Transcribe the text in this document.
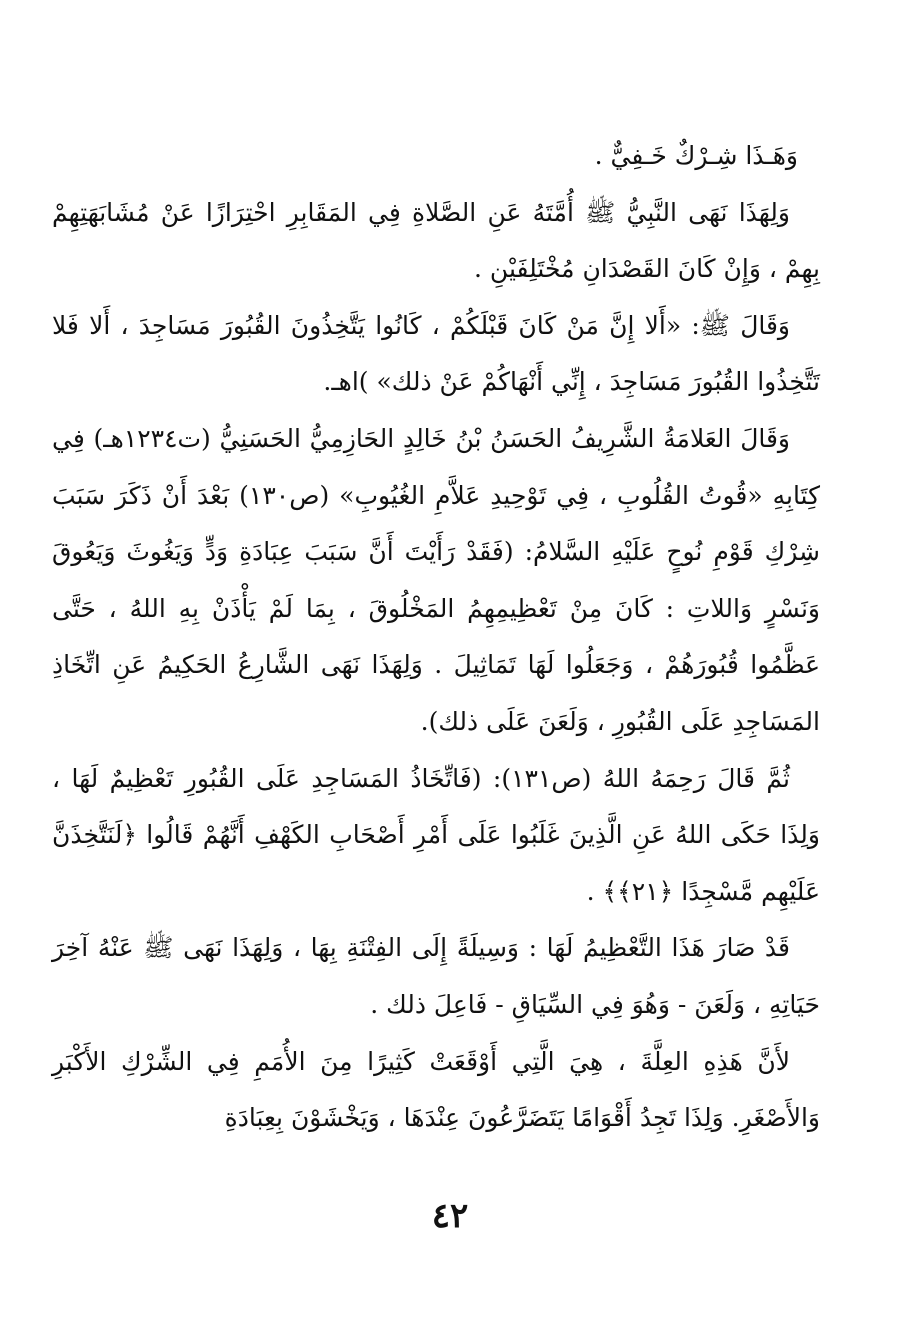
وَهَـذَا شِـرْكٌ خَـفِيٌّ .

وَلِهَذَا نَهَى النَّبِيُّ ﷺ أُمَّتَهُ عَنِ الصَّلاةِ فِي المَقَابِرِ احْتِرَازًا عَنْ مُشَابَهَتِهِمْ بِهِمْ ، وَإِنْ كَانَ القَصْدَانِ مُخْتَلِفَيْنِ .

وَقَالَ ﷺ: «أَلا إِنَّ مَنْ كَانَ قَبْلَكُمْ ، كَانُوا يَتَّخِذُونَ القُبُورَ مَسَاجِدَ ، أَلا فَلا تَتَّخِذُوا القُبُورَ مَسَاجِدَ ، إِنِّي أَنْهَاكُمْ عَنْ ذلك» )اهـ.

وَقَالَ العَلامَةُ الشَّرِيفُ الحَسَنُ بْنُ خَالِدٍ الحَازِمِيُّ الحَسَنِيُّ (ت١٢٣٤هـ) فِي كِتَابِهِ «قُوتُ القُلُوبِ ، فِي تَوْحِيدِ عَلاَّمِ الغُيُوبِ» (ص١٣٠) بَعْدَ أَنْ ذَكَرَ سَبَبَ شِرْكِ قَوْمِ نُوحٍ عَلَيْهِ السَّلامُ: (فَقَدْ رَأَيْتَ أَنَّ سَبَبَ عِبَادَةِ وَدٍّ وَيَغُوثَ وَيَعُوقَ وَنَسْرٍ وَاللاتِ : كَانَ مِنْ تَعْظِيمِهِمُ المَخْلُوقَ ، بِمَا لَمْ يَأْذَنْ بِهِ اللهُ ، حَتَّى عَظَّمُوا قُبُورَهُمْ ، وَجَعَلُوا لَهَا تَمَاثِيلَ . وَلِهَذَا نَهَى الشَّارِعُ الحَكِيمُ عَنِ اتِّخَاذِ المَسَاجِدِ عَلَى القُبُورِ ، وَلَعَنَ عَلَى ذلك).

ثُمَّ قَالَ رَحِمَهُ اللهُ (ص١٣١): (فَاتِّخَاذُ المَسَاجِدِ عَلَى القُبُورِ تَعْظِيمٌ لَهَا ، وَلِذَا حَكَى اللهُ عَنِ الَّذِينَ غَلَبُوا عَلَى أَمْرِ أَصْحَابِ الكَهْفِ أَنَّهُمْ قَالُوا ﴿لَنَتَّخِذَنَّ عَلَيْهِم مَّسْجِدًا ﴿٢١﴾﴾ .

قَدْ صَارَ هَذَا التَّعْظِيمُ لَهَا : وَسِيلَةً إِلَى الفِتْنَةِ بِهَا ، وَلِهَذَا نَهَى ﷺ عَنْهُ آخِرَ حَيَاتِهِ ، وَلَعَنَ - وَهُوَ فِي السِّيَاقِ - فَاعِلَ ذلك .

لأَنَّ هَذِهِ العِلَّةَ ، هِيَ الَّتِي أَوْقَعَتْ كَثِيرًا مِنَ الأُمَمِ فِي الشِّرْكِ الأَكْبَرِ وَالأَصْغَرِ. وَلِذَا تَجِدُ أَقْوَامًا يَتَضَرَّعُونَ عِنْدَهَا ، وَيَخْشَوْنَ بِعِبَادَةِ

٤٢
